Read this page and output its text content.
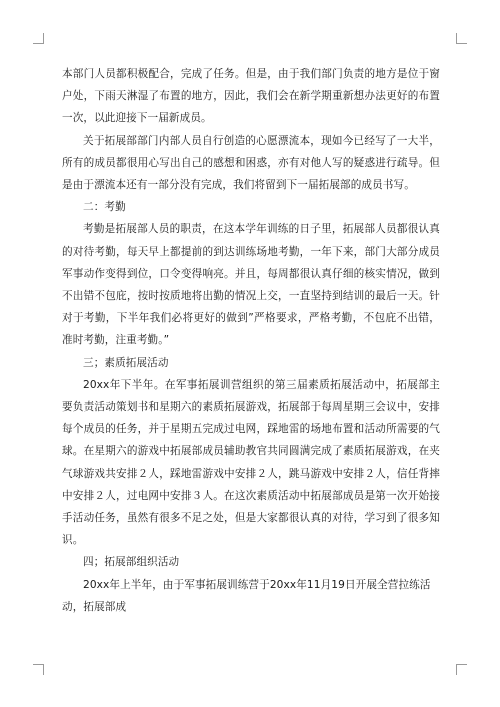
本部门人员都积极配合，完成了任务。但是，由于我们部门负责的地方是位于窗户处，下雨天淋湿了布置的地方，因此，我们会在新学期重新想办法更好的布置一次，以此迎接下一届新成员。

关于拓展部部门内部人员自行创造的心愿漂流本，现如今已经写了一大半，所有的成员都很用心写出自己的感想和困惑，亦有对他人写的疑惑进行疏导。但是由于漂流本还有一部分没有完成，我们将留到下一届拓展部的成员书写。

二：考勤

考勤是拓展部人员的职责，在这本学年训练的日子里，拓展部人员都很认真的对待考勤，每天早上都提前的到达训练场地考勤，一年下来，部门大部分成员军事动作变得到位，口令变得响亮。并且，每周都很认真仔细的核实情况，做到不出错不包庇，按时按质地将出勤的情况上交，一直坚持到结训的最后一天。针对于考勤，下半年我们必将更好的做到”严格要求，严格考勤，不包庇不出错，准时考勤，注重考勤。”

三；素质拓展活动

20xx年下半年。在军事拓展训营组织的第三届素质拓展活动中，拓展部主要负责活动策划书和星期六的素质拓展游戏，拓展部于每周星期三会议中，安排每个成员的任务，并于星期五完成过电网，踩地雷的场地布置和活动所需要的气球。在星期六的游戏中拓展部成员辅助教官共同圆满完成了素质拓展游戏，在夹气球游戏共安排２人，踩地雷游戏中安排２人，跳马游戏中安排２人，信任背摔中安排２人，过电网中安排３人。在这次素质活动中拓展部成员是第一次开始接手活动任务，虽然有很多不足之处，但是大家都很认真的对待，学习到了很多知识。

四；拓展部组织活动

20xx年上半年，由于军事拓展训练营于20xx年11月19日开展全营拉练活动，拓展部成
